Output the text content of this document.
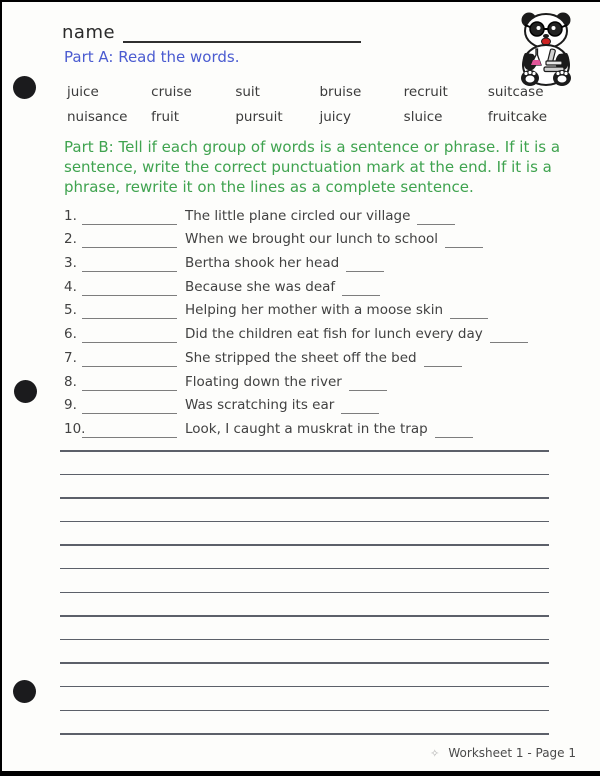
name
Part A: Read the words.
juice	cruise	suit	bruise	recruit	suitcase
nuisance	fruit	pursuit	juicy	sluice	fruitcake
Part B: Tell if each group of words is a sentence or phrase. If it is a
sentence, write the correct punctuation mark at the end. If it is a
phrase, rewrite it on the lines as a complete sentence.
1.	The little plane circled our village
2.	When we brought our lunch to school
3.	Bertha shook her head
4.	Because she was deaf
5.	Helping her mother with a moose skin
6.	Did the children eat fish for lunch every day
7.	She stripped the sheet off the bed
8.	Floating down the river
9.	Was scratching its ear
10.	Look, I caught a muskrat in the trap
✧ Worksheet 1 - Page 1
